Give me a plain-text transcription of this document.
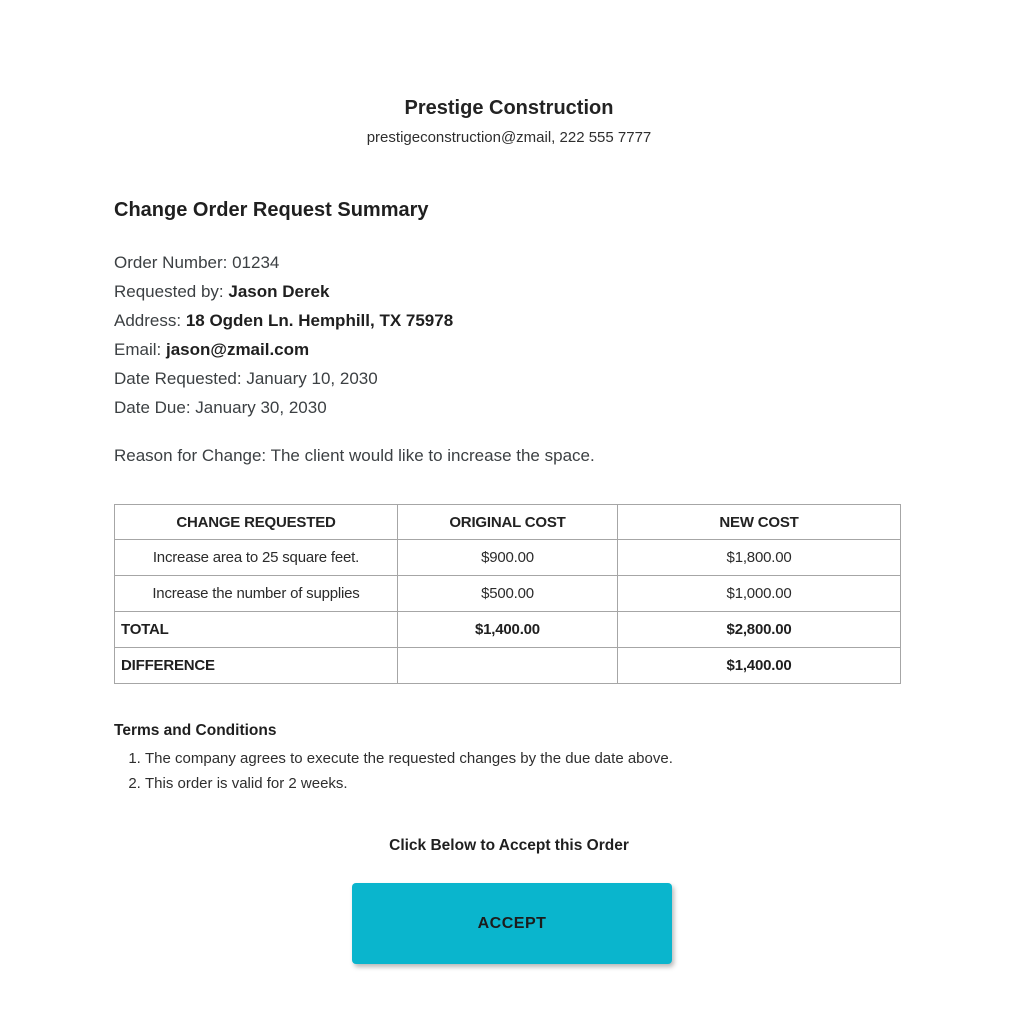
Prestige Construction
prestigeconstruction@zmail, 222 555 7777
Change Order Request Summary

Order Number: 01234

Requested by: Jason Derek

Address: 18 Ogden Ln. Hemphill, TX 75978

Email: jason@zmail.com

Date Requested: January 10, 2030

Date Due: January 30, 2030

Reason for Change: The client would like to increase the space.

CHANGE REQUESTED	ORIGINAL COST	NEW COST
Increase area to 25 square feet.	$900.00	$1,800.00
Increase the number of supplies	$500.00	$1,000.00
TOTAL	$1,400.00	$2,800.00
DIFFERENCE		$1,400.00
Terms and Conditions
1. The company agrees to execute the requested changes by the due date above.
2. This order is valid for 2 weeks.

Click Below to Accept this Order

ACCEPT
